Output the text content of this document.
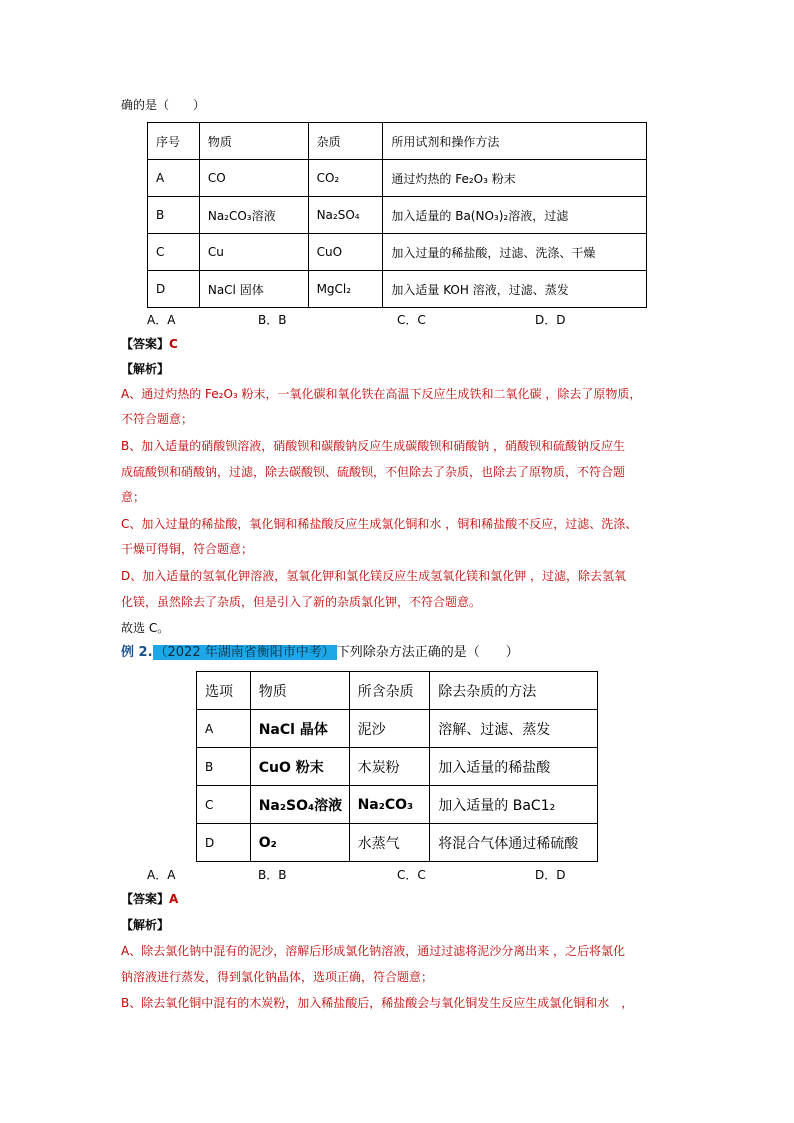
确的是（　　）
序号	物质	杂质	所用试剂和操作方法
A	CO	CO₂	通过灼热的 Fe₂O₃ 粉末
B	Na₂CO₃溶液	Na₂SO₄	加入适量的 Ba(NO₃)₂溶液，过滤
C	Cu	CuO	加入过量的稀盐酸，过滤、洗涤、干燥
D	NaCl 固体	MgCl₂	加入适量 KOH 溶液，过滤、蒸发
A．A	B．B	C．C	D．D
【答案】C
【解析】
A、通过灼热的 Fe₂O₃ 粉末，一氧化碳和氧化铁在高温下反应生成铁和二氧化碳 ，除去了原物质，
不符合题意；
B、加入适量的硝酸钡溶液，硝酸钡和碳酸钠反应生成碳酸钡和硝酸钠 ，硝酸钡和硫酸钠反应生
成硫酸钡和硝酸钠，过滤，除去碳酸钡、硫酸钡，不但除去了杂质，也除去了原物质，不符合题
意；
C、加入过量的稀盐酸，氧化铜和稀盐酸反应生成氯化铜和水 ，铜和稀盐酸不反应，过滤、洗涤、
干燥可得铜，符合题意；
D、加入适量的氢氧化钾溶液，氢氧化钾和氯化镁反应生成氢氧化镁和氯化钾 ，过滤，除去氢氧
化镁，虽然除去了杂质，但是引入了新的杂质氯化钾，不符合题意。
故选 C。
例 2. （2022 年湖南省衡阳市中考） 下列除杂方法正确的是（　　）
选项	物质	所含杂质	除去杂质的方法
A	NaCl 晶体	泥沙	溶解、过滤、蒸发
B	CuO 粉末	木炭粉	加入适量的稀盐酸
C	Na₂SO₄溶液	Na₂CO₃	加入适量的 BaC1₂
D	O₂	水蒸气	将混合气体通过稀硫酸
A．A	B．B	C．C	D．D
【答案】A
【解析】
A、除去氯化钠中混有的泥沙，溶解后形成氯化钠溶液，通过过滤将泥沙分离出来 ，之后将氯化
钠溶液进行蒸发，得到氯化钠晶体，选项正确，符合题意；
B、除去氧化铜中混有的木炭粉，加入稀盐酸后，稀盐酸会与氧化铜发生反应生成氯化铜和水　，
